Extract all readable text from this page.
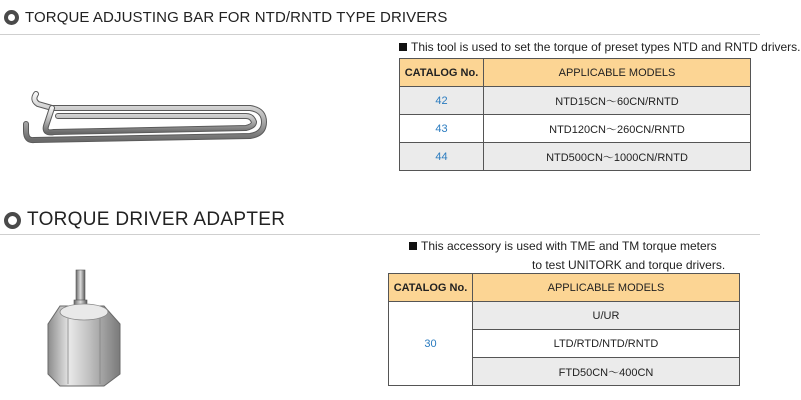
TORQUE ADJUSTING BAR FOR NTD/RNTD TYPE DRIVERS
This tool is used to set the torque of preset types NTD and RNTD drivers.
CATALOG No.	APPLICABLE MODELS
42	NTD15CN〜60CN/RNTD
43	NTD120CN〜260CN/RNTD
44	NTD500CN〜1000CN/RNTD
TORQUE DRIVER ADAPTER
This accessory is used with TME and TM torque meters
to test UNITORK and torque drivers.
CATALOG No.	APPLICABLE MODELS
30	U/UR
	LTD/RTD/NTD/RNTD
	FTD50CN〜400CN
